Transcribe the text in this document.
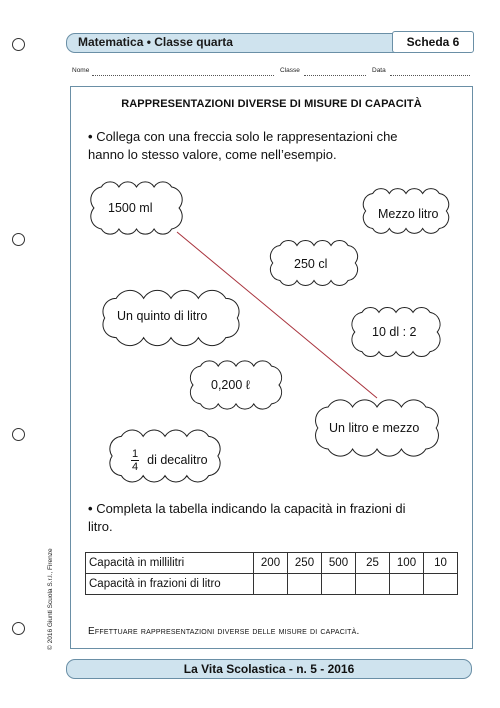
Matematica • Classe quarta	Scheda 6
Nome	Classe	Data
RAPPRESENTAZIONI DIVERSE DI MISURE DI CAPACITÀ
• Collega con una freccia solo le rappresentazioni che
hanno lo stesso valore, come nell’esempio.
1500 ml	Mezzo litro
250 cl
Un quinto di litro
10 dl : 2
0,200 ℓ
Un litro e mezzo
$\frac{1}{4}$ di decalitro
• Completa la tabella indicando la capacità in frazioni di
litro.
Capacità in millilitri	200	250	500	25	100	10
Capacità in frazioni di litro						
Effettuare rappresentazioni diverse delle misure di capacità.
© 2016 Giunti Scuola S.r.l., Firenze
La Vita Scolastica - n. 5 - 2016
